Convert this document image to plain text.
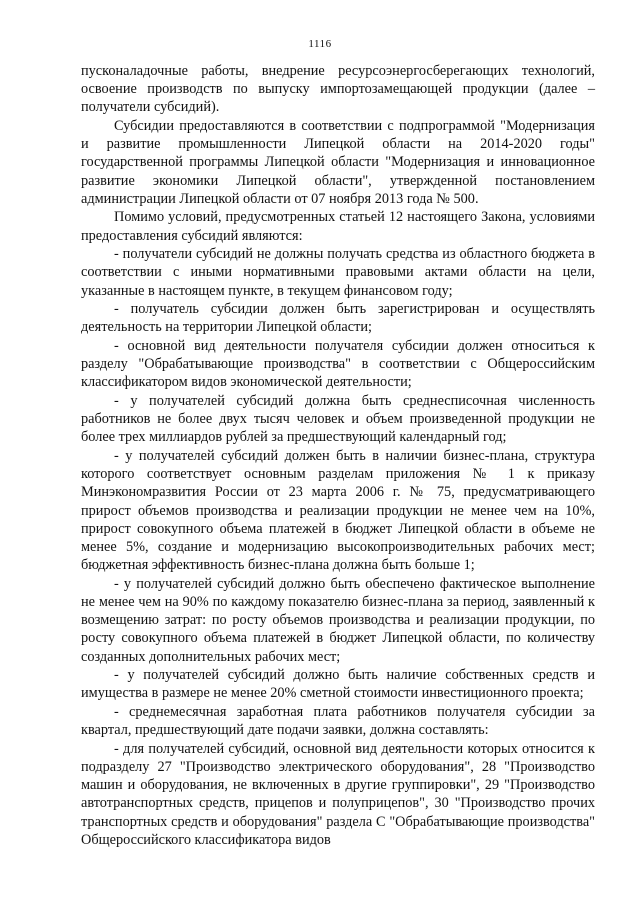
1116

пусконаладочные работы, внедрение ресурсоэнергосберегающих технологий, освоение производств по выпуску импортозамещающей продукции (далее – получатели субсидий).

Субсидии предоставляются в соответствии с подпрограммой "Модернизация и развитие промышленности Липецкой области на 2014-2020 годы" государственной программы Липецкой области "Модернизация и инновационное развитие экономики Липецкой области", утвержденной постановлением администрации Липецкой области от 07 ноября 2013 года № 500.

Помимо условий, предусмотренных статьей 12 настоящего Закона, условиями предоставления субсидий являются:

- получатели субсидий не должны получать средства из областного бюджета в соответствии с иными нормативными правовыми актами области на цели, указанные в настоящем пункте, в текущем финансовом году;

- получатель субсидии должен быть зарегистрирован и осуществлять деятельность на территории Липецкой области;

- основной вид деятельности получателя субсидии должен относиться к разделу "Обрабатывающие производства" в соответствии с Общероссийским классификатором видов экономической деятельности;

- у получателей субсидий должна быть среднесписочная численность работников не более двух тысяч человек и объем произведенной продукции не более трех миллиардов рублей за предшествующий календарный год;

- у получателей субсидий должен быть в наличии бизнес-плана, структура которого соответствует основным разделам приложения № 1 к приказу Минэкономразвития России от 23 марта 2006 г. № 75, предусматривающего прирост объемов производства и реализации продукции не менее чем на 10%, прирост совокупного объема платежей в бюджет Липецкой области в объеме не менее 5%, создание и модернизацию высокопроизводительных рабочих мест; бюджетная эффективность бизнес-плана должна быть больше 1;

- у получателей субсидий должно быть обеспечено фактическое выполнение не менее чем на 90% по каждому показателю бизнес-плана за период, заявленный к возмещению затрат: по росту объемов производства и реализации продукции, по росту совокупного объема платежей в бюджет Липецкой области, по количеству созданных дополнительных рабочих мест;

- у получателей субсидий должно быть наличие собственных средств и имущества в размере не менее 20% сметной стоимости инвестиционного проекта;

- среднемесячная заработная плата работников получателя субсидии за квартал, предшествующий дате подачи заявки, должна составлять:

- для получателей субсидий, основной вид деятельности которых относится к подразделу 27 "Производство электрического оборудования", 28 "Производство машин и оборудования, не включенных в другие группировки", 29 "Производство автотранспортных средств, прицепов и полуприцепов", 30 "Производство прочих транспортных средств и оборудования" раздела С "Обрабатывающие производства" Общероссийского классификатора видов
